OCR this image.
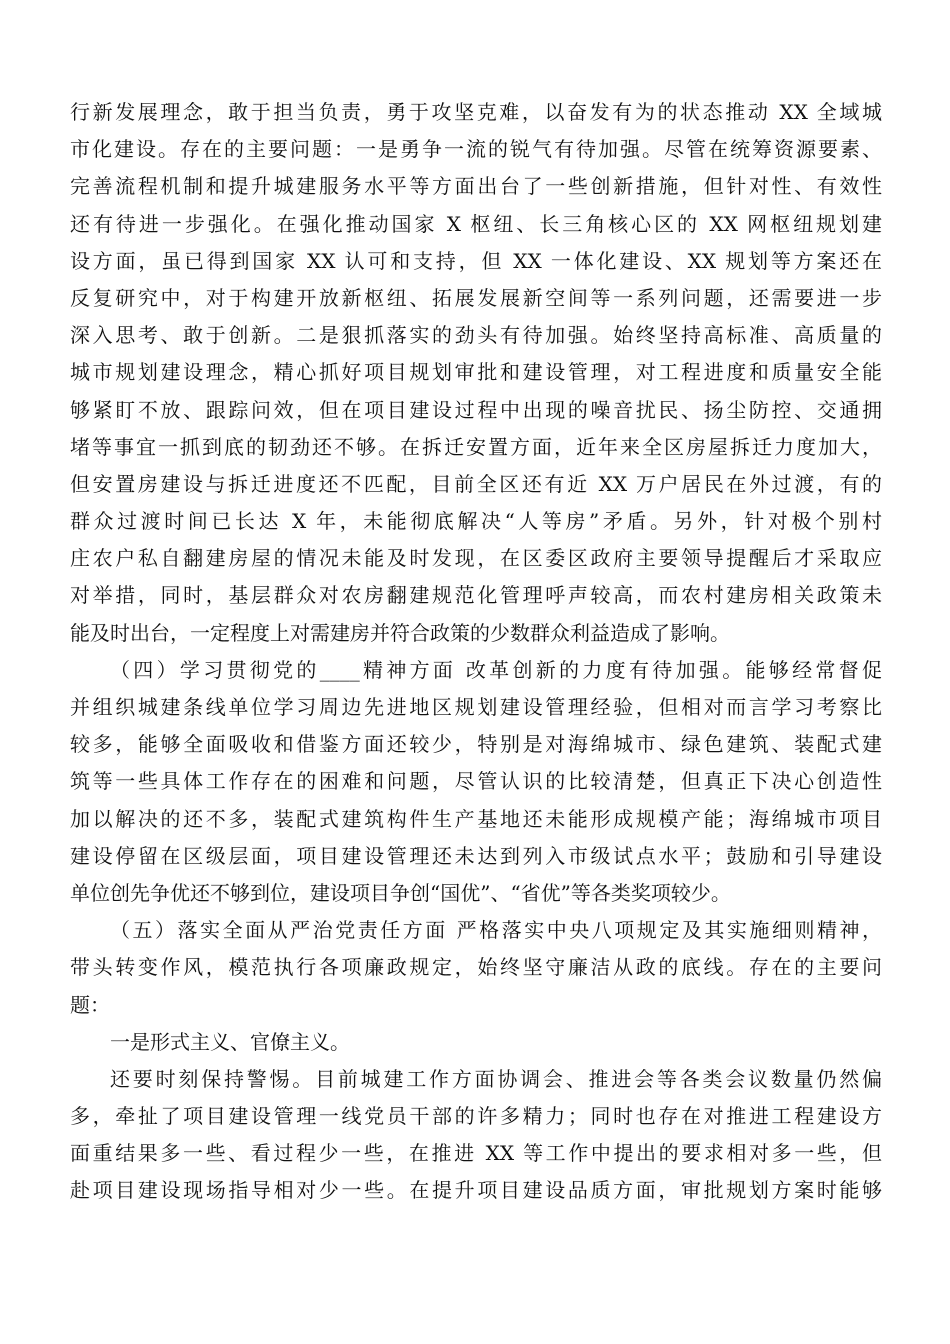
行新发展理念，敢于担当负责，勇于攻坚克难，以奋发有为的状态推动 XX 全域城
市化建设。存在的主要问题：一是勇争一流的锐气有待加强。尽管在统筹资源要素、
完善流程机制和提升城建服务水平等方面出台了一些创新措施，但针对性、有效性
还有待进一步强化。在强化推动国家 X 枢纽、长三角核心区的 XX 网枢纽规划建
设方面，虽已得到国家 XX 认可和支持，但 XX 一体化建设、XX 规划等方案还在
反复研究中，对于构建开放新枢纽、拓展发展新空间等一系列问题，还需要进一步
深入思考、敢于创新。二是狠抓落实的劲头有待加强。始终坚持高标准、高质量的
城市规划建设理念，精心抓好项目规划审批和建设管理，对工程进度和质量安全能
够紧盯不放、跟踪问效，但在项目建设过程中出现的噪音扰民、扬尘防控、交通拥
堵等事宜一抓到底的韧劲还不够。在拆迁安置方面，近年来全区房屋拆迁力度加大，
但安置房建设与拆迁进度还不匹配，目前全区还有近 XX 万户居民在外过渡，有的
群众过渡时间已长达 X 年，未能彻底解决“人等房”矛盾。另外，针对极个别村
庄农户私自翻建房屋的情况未能及时发现，在区委区政府主要领导提醒后才采取应
对举措，同时，基层群众对农房翻建规范化管理呼声较高，而农村建房相关政策未
能及时出台，一定程度上对需建房并符合政策的少数群众利益造成了影响。
（四）学习贯彻党的____精神方面 改革创新的力度有待加强。能够经常督促
并组织城建条线单位学习周边先进地区规划建设管理经验，但相对而言学习考察比
较多，能够全面吸收和借鉴方面还较少，特别是对海绵城市、绿色建筑、装配式建
筑等一些具体工作存在的困难和问题，尽管认识的比较清楚，但真正下决心创造性
加以解决的还不多，装配式建筑构件生产基地还未能形成规模产能；海绵城市项目
建设停留在区级层面，项目建设管理还未达到列入市级试点水平；鼓励和引导建设
单位创先争优还不够到位，建设项目争创“国优”、“省优”等各类奖项较少。
（五）落实全面从严治党责任方面 严格落实中央八项规定及其实施细则精神，
带头转变作风，模范执行各项廉政规定，始终坚守廉洁从政的底线。存在的主要问
题：
一是形式主义、官僚主义。
还要时刻保持警惕。目前城建工作方面协调会、推进会等各类会议数量仍然偏
多，牵扯了项目建设管理一线党员干部的许多精力；同时也存在对推进工程建设方
面重结果多一些、看过程少一些，在推进 XX 等工作中提出的要求相对多一些，但
赴项目建设现场指导相对少一些。在提升项目建设品质方面，审批规划方案时能够
